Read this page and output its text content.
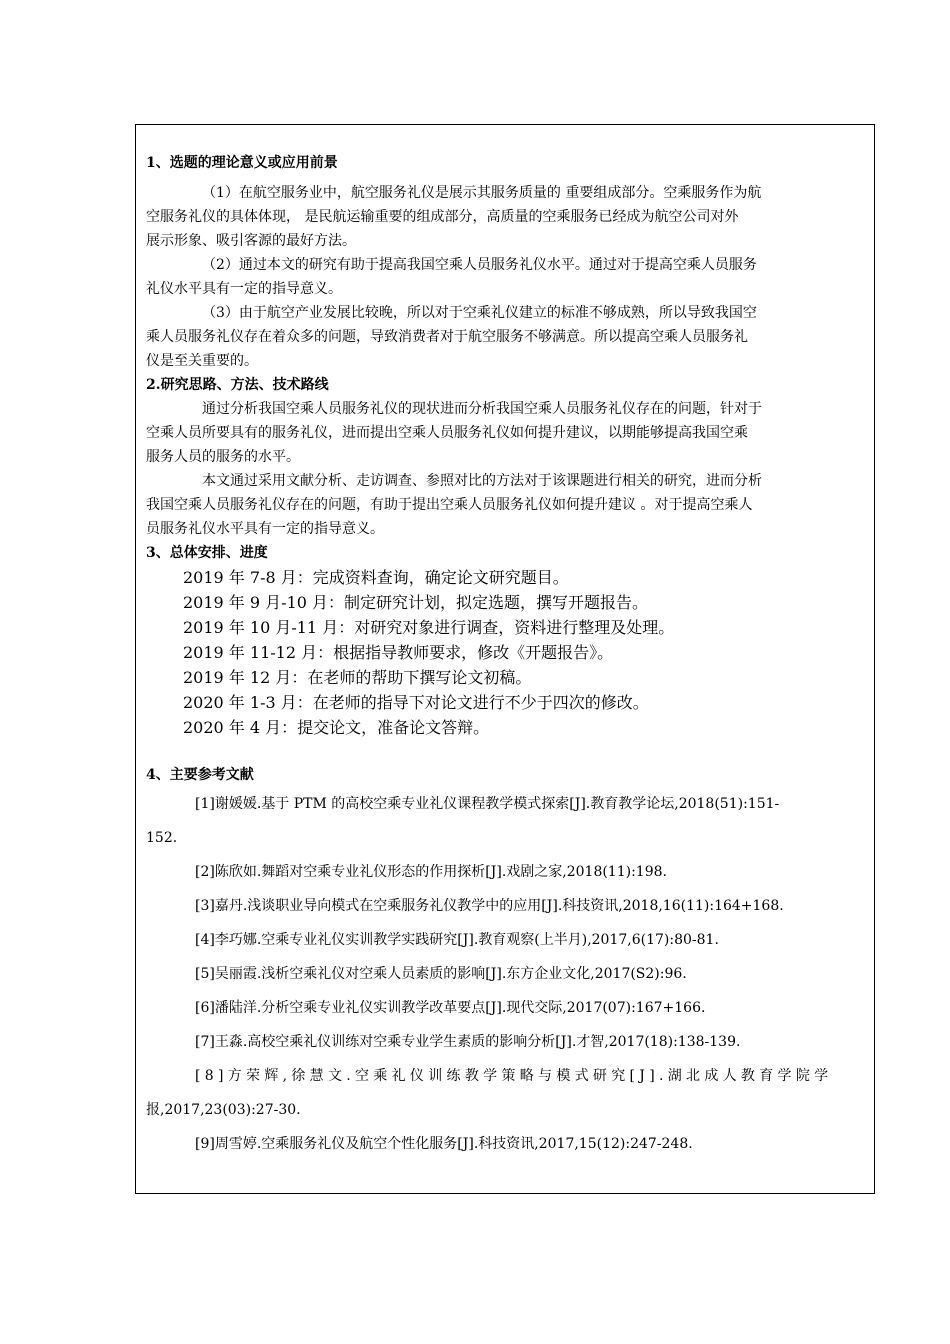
1、选题的理论意义或应用前景
（1）在航空服务业中，航空服务礼仪是展示其服务质量的 重要组成部分。空乘服务作为航
空服务礼仪的具体体现， 是民航运输重要的组成部分，高质量的空乘服务已经成为航空公司对外
展示形象、吸引客源的最好方法。
（2）通过本文的研究有助于提高我国空乘人员服务礼仪水平。通过对于提高空乘人员服务
礼仪水平具有一定的指导意义。
（3）由于航空产业发展比较晚，所以对于空乘礼仪建立的标准不够成熟，所以导致我国空
乘人员服务礼仪存在着众多的问题，导致消费者对于航空服务不够满意。所以提高空乘人员服务礼
仪是至关重要的。
2.研究思路、方法、技术路线
通过分析我国空乘人员服务礼仪的现状进而分析我国空乘人员服务礼仪存在的问题，针对于
空乘人员所要具有的服务礼仪，进而提出空乘人员服务礼仪如何提升建议，以期能够提高我国空乘
服务人员的服务的水平。
本文通过采用文献分析、走访调查、参照对比的方法对于该课题进行相关的研究，进而分析
我国空乘人员服务礼仪存在的问题，有助于提出空乘人员服务礼仪如何提升建议 。对于提高空乘人
员服务礼仪水平具有一定的指导意义。
3、总体安排、进度
2019 年 7-8 月：完成资料查询，确定论文研究题目。
2019 年 9 月-10 月：制定研究计划，拟定选题，撰写开题报告。
2019 年 10 月-11 月：对研究对象进行调查，资料进行整理及处理。
2019 年 11-12 月：根据指导教师要求，修改《开题报告》。
2019 年 12 月：在老师的帮助下撰写论文初稿。
2020 年 1-3 月：在老师的指导下对论文进行不少于四次的修改。
2020 年 4 月：提交论文，准备论文答辩。
4、主要参考文献
[1]谢媛媛.基于 PTM 的高校空乘专业礼仪课程教学模式探索[J].教育教学论坛,2018(51):151-
152.
[2]陈欣如.舞蹈对空乘专业礼仪形态的作用探析[J].戏剧之家,2018(11):198.
[3]嘉丹.浅谈职业导向模式在空乘服务礼仪教学中的应用[J].科技资讯,2018,16(11):164+168.
[4]李巧娜.空乘专业礼仪实训教学实践研究[J].教育观察(上半月),2017,6(17):80-81.
[5]吴丽霞.浅析空乘礼仪对空乘人员素质的影响[J].东方企业文化,2017(S2):96.
[6]潘陆洋.分析空乘专业礼仪实训教学改革要点[J].现代交际,2017(07):167+166.
[7]王淼.高校空乘礼仪训练对空乘专业学生素质的影响分析[J].才智,2017(18):138-139.
[8]方荣辉,徐慧文.空乘礼仪训练教学策略与模式研究[J].湖北成人教育学院学
报,2017,23(03):27-30.
[9]周雪婷.空乘服务礼仪及航空个性化服务[J].科技资讯,2017,15(12):247-248.
